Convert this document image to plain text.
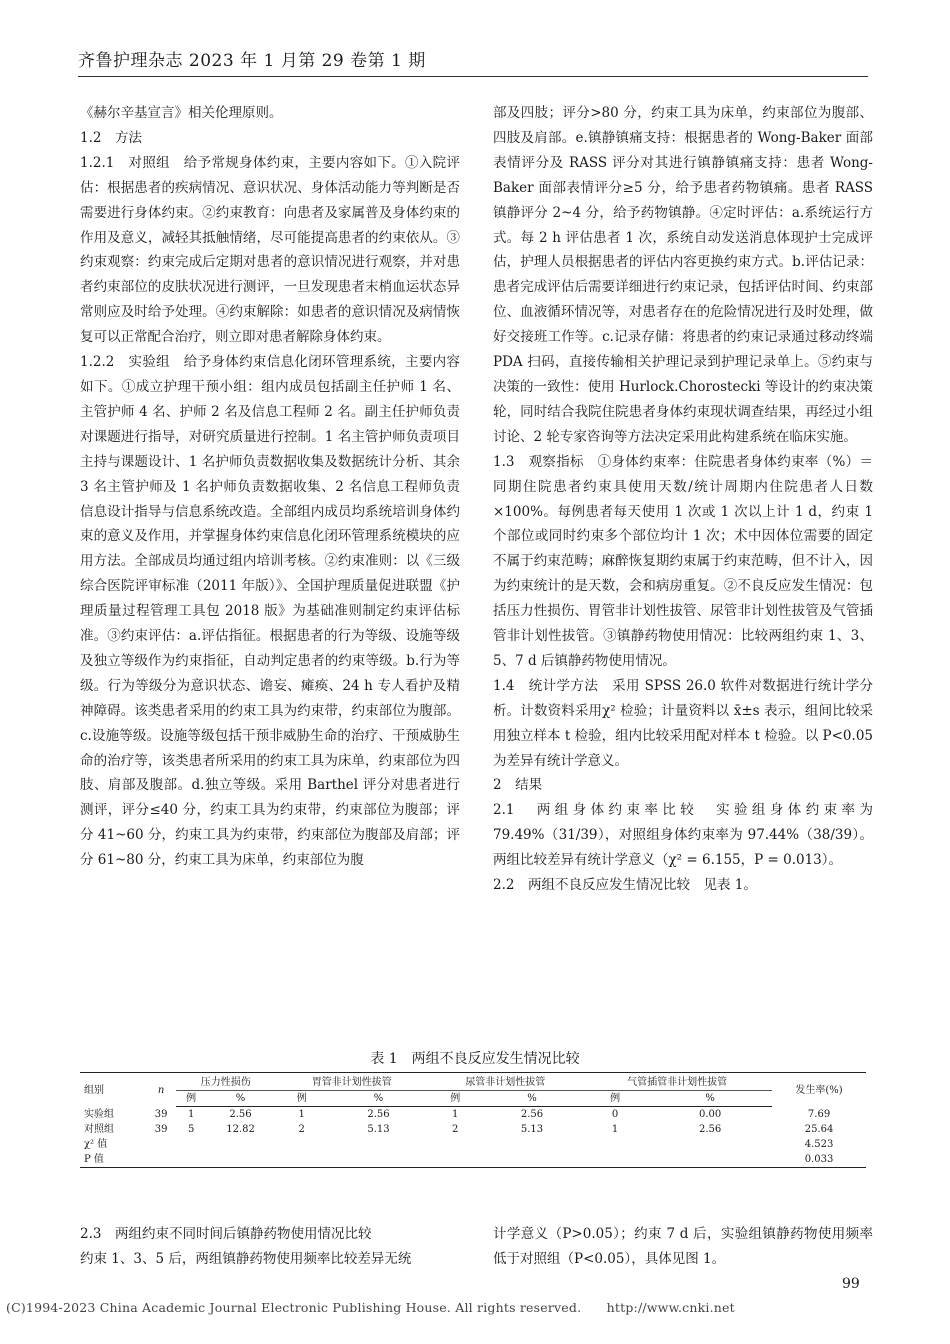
齐鲁护理杂志 2023 年 1 月第 29 卷第 1 期

《赫尔辛基宣言》相关伦理原则。

1.2　方法

1.2.1　对照组　给予常规身体约束，主要内容如下。①入院评估：根据患者的疾病情况、意识状况、身体活动能力等判断是否需要进行身体约束。②约束教育：向患者及家属普及身体约束的作用及意义，减轻其抵触情绪，尽可能提高患者的约束依从。③约束观察：约束完成后定期对患者的意识情况进行观察，并对患者约束部位的皮肤状况进行测评，一旦发现患者末梢血运状态异常则应及时给予处理。④约束解除：如患者的意识情况及病情恢复可以正常配合治疗，则立即对患者解除身体约束。

1.2.2　实验组　给予身体约束信息化闭环管理系统，主要内容如下。①成立护理干预小组：组内成员包括副主任护师 1 名、主管护师 4 名、护师 2 名及信息工程师 2 名。副主任护师负责对课题进行指导，对研究质量进行控制。1 名主管护师负责项目主持与课题设计、1 名护师负责数据收集及数据统计分析、其余 3 名主管护师及 1 名护师负责数据收集、2 名信息工程师负责信息设计指导与信息系统改造。全部组内成员均系统培训身体约束的意义及作用，并掌握身体约束信息化闭环管理系统模块的应用方法。全部成员均通过组内培训考核。②约束准则：以《三级综合医院评审标准（2011 年版）》、全国护理质量促进联盟《护理质量过程管理工具包 2018 版》为基础准则制定约束评估标准。③约束评估：a.评估指征。根据患者的行为等级、设施等级及独立等级作为约束指征，自动判定患者的约束等级。b.行为等级。行为等级分为意识状态、谵妄、瘫痪、24 h 专人看护及精神障碍。该类患者采用的约束工具为约束带，约束部位为腹部。c.设施等级。设施等级包括干预非威胁生命的治疗、干预威胁生命的治疗等，该类患者所采用的约束工具为床单，约束部位为四肢、肩部及腹部。d.独立等级。采用 Barthel 评分对患者进行测评，评分≤40 分，约束工具为约束带，约束部位为腹部；评分 41~60 分，约束工具为约束带，约束部位为腹部及肩部；评分 61~80 分，约束工具为床单，约束部位为腹

部及四肢；评分>80 分，约束工具为床单，约束部位为腹部、四肢及肩部。e.镇静镇痛支持：根据患者的 Wong-Baker 面部表情评分及 RASS 评分对其进行镇静镇痛支持：患者 Wong-Baker 面部表情评分≥5 分，给予患者药物镇痛。患者 RASS 镇静评分 2~4 分，给予药物镇静。④定时评估：a.系统运行方式。每 2 h 评估患者 1 次，系统自动发送消息体现护士完成评估，护理人员根据患者的评估内容更换约束方式。b.评估记录：患者完成评估后需要详细进行约束记录，包括评估时间、约束部位、血液循环情况等，对患者存在的危险情况进行及时处理，做好交接班工作等。c.记录存储：将患者的约束记录通过移动终端 PDA 扫码，直接传输相关护理记录到护理记录单上。⑤约束与决策的一致性：使用 Hurlock.Chorostecki 等设计的约束决策轮，同时结合我院住院患者身体约束现状调查结果，再经过小组讨论、2 轮专家咨询等方法决定采用此构建系统在临床实施。

1.3　观察指标　①身体约束率：住院患者身体约束率（%）＝同期住院患者约束具使用天数/统计周期内住院患者人日数×100%。每例患者每天使用 1 次或 1 次以上计 1 d，约束 1 个部位或同时约束多个部位均计 1 次；术中因体位需要的固定不属于约束范畴；麻醉恢复期约束属于约束范畴，但不计入，因为约束统计的是天数，会和病房重复。②不良反应发生情况：包括压力性损伤、胃管非计划性拔管、尿管非计划性拔管及气管插管非计划性拔管。③镇静药物使用情况：比较两组约束 1、3、5、7 d 后镇静药物使用情况。

1.4　统计学方法　采用 SPSS 26.0 软件对数据进行统计学分析。计数资料采用χ² 检验；计量资料以 x̄±s 表示，组间比较采用独立样本 t 检验，组内比较采用配对样本 t 检验。以 P<0.05 为差异有统计学意义。

2　结果

2.1　两组身体约束率比较　实验组身体约束率为 79.49%（31/39），对照组身体约束率为 97.44%（38/39）。两组比较差异有统计学意义（χ² = 6.155，P = 0.013）。

2.2　两组不良反应发生情况比较　见表 1。

表 1　两组不良反应发生情况比较
组别	n	压力性损伤		胃管非计划性拔管		尿管非计划性拔管		气管插管非计划性拔管		发生率(%)
		例	%	例	%	例	%	例	%	
实验组	39	1	2.56	1	2.56	1	2.56	0	0.00	7.69
对照组	39	5	12.82	2	5.13	2	5.13	1	2.56	25.64
χ² 值										4.523
P 值										0.033

2.3　两组约束不同时间后镇静药物使用情况比较

约束 1、3、5 后，两组镇静药物使用频率比较差异无统

计学意义（P>0.05）；约束 7 d 后，实验组镇静药物使用频率低于对照组（P<0.05），具体见图 1。

99
(C)1994-2023 China Academic Journal Electronic Publishing House. All rights reserved.　　http://www.cnki.net
